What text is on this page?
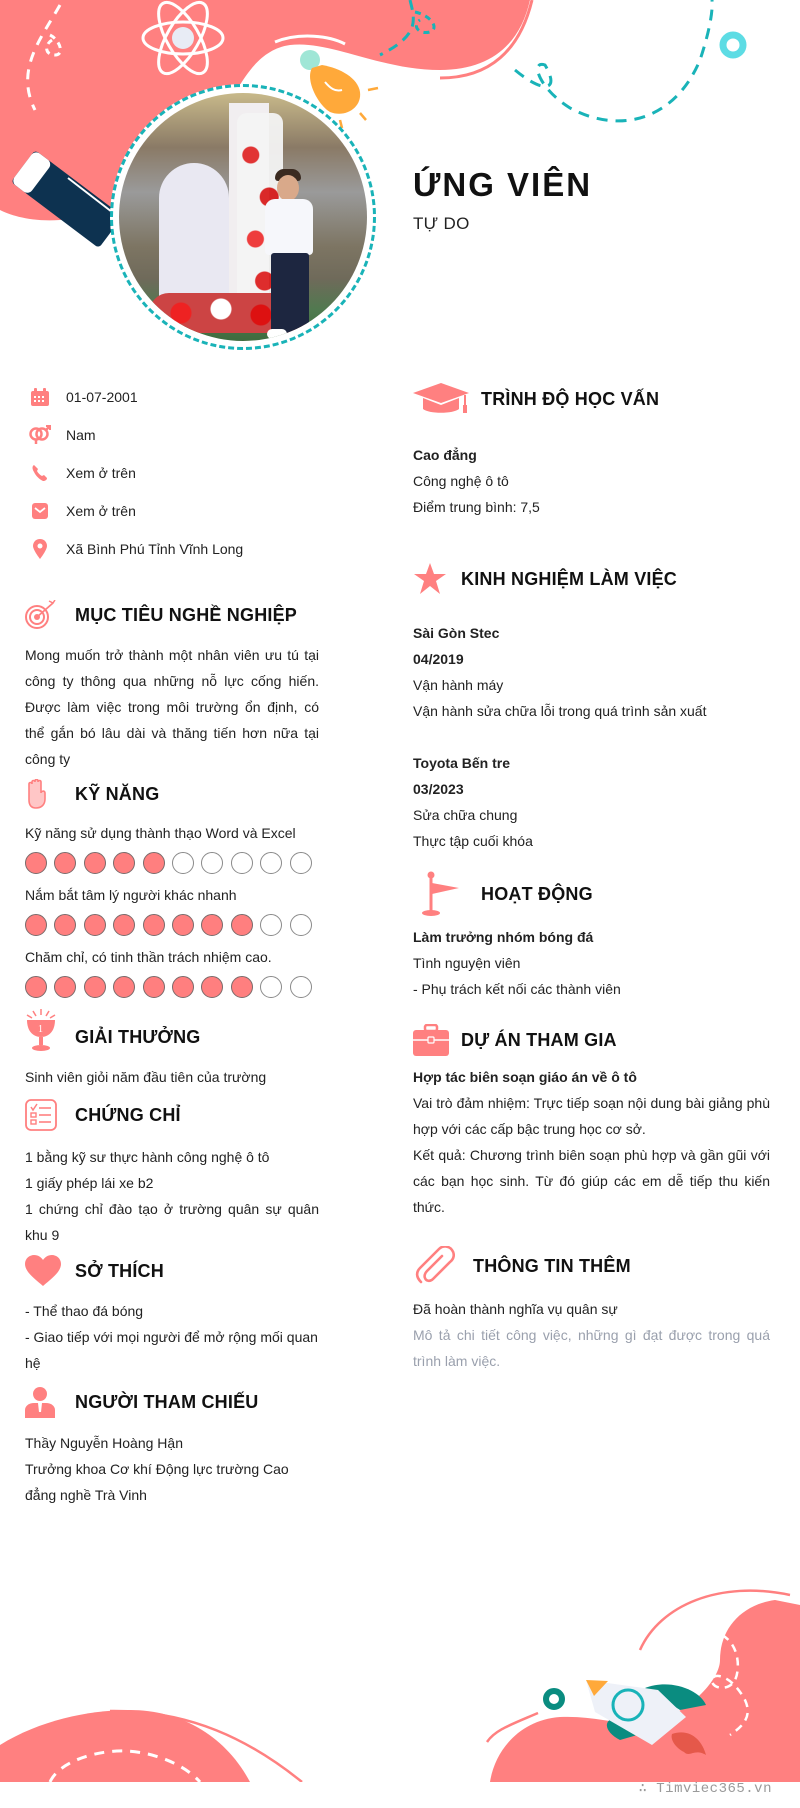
ỨNG VIÊN
TỰ DO
01-07-2001
Nam
Xem ở trên
Xem ở trên
Xã Bình Phú Tỉnh Vĩnh Long
MỤC TIÊU NGHỀ NGHIỆP
Mong muốn trở thành một nhân viên ưu tú tại công ty thông qua những nỗ lực cống hiến. Được làm việc trong môi trường ổn định, có thể gắn bó lâu dài và thăng tiến hơn nữa tại công ty
KỸ NĂNG
Kỹ năng sử dụng thành thạo Word và Excel
Nắm bắt tâm lý người khác nhanh
Chăm chỉ, có tinh thần trách nhiệm cao.
1 GIẢI THƯỞNG
Sinh viên giỏi năm đầu tiên của trường
CHỨNG CHỈ
1 bằng kỹ sư thực hành công nghệ ô tô
1 giấy phép lái xe b2
1 chứng chỉ đào tạo ở trường quân sự quân khu 9
SỞ THÍCH
- Thể thao đá bóng
- Giao tiếp với mọi người để mở rộng mối quan hệ
NGƯỜI THAM CHIẾU
Thầy Nguyễn Hoàng Hận
Trưởng khoa Cơ khí Động lực trường Cao đẳng nghề Trà Vinh
TRÌNH ĐỘ HỌC VẤN
Cao đẳng
Công nghệ ô tô
Điểm trung bình: 7,5
KINH NGHIỆM LÀM VIỆC
Sài Gòn Stec
04/2019
Vận hành máy
Vận hành sửa chữa lỗi trong quá trình sản xuất
Toyota Bến tre
03/2023
Sửa chữa chung
Thực tập cuối khóa
HOẠT ĐỘNG
Làm trưởng nhóm bóng đá
Tình nguyện viên
- Phụ trách kết nối các thành viên
DỰ ÁN THAM GIA
Hợp tác biên soạn giáo án về ô tô
Vai trò đảm nhiệm: Trực tiếp soạn nội dung bài giảng phù hợp với các cấp bậc trung học cơ sở.
Kết quả: Chương trình biên soạn phù hợp và gần gũi với các bạn học sinh. Từ đó giúp các em dễ tiếp thu kiến thức.
THÔNG TIN THÊM
Đã hoàn thành nghĩa vụ quân sự
Mô tả chi tiết công việc, những gì đạt được trong quá trình làm việc.
∴ Timviec365.vn
